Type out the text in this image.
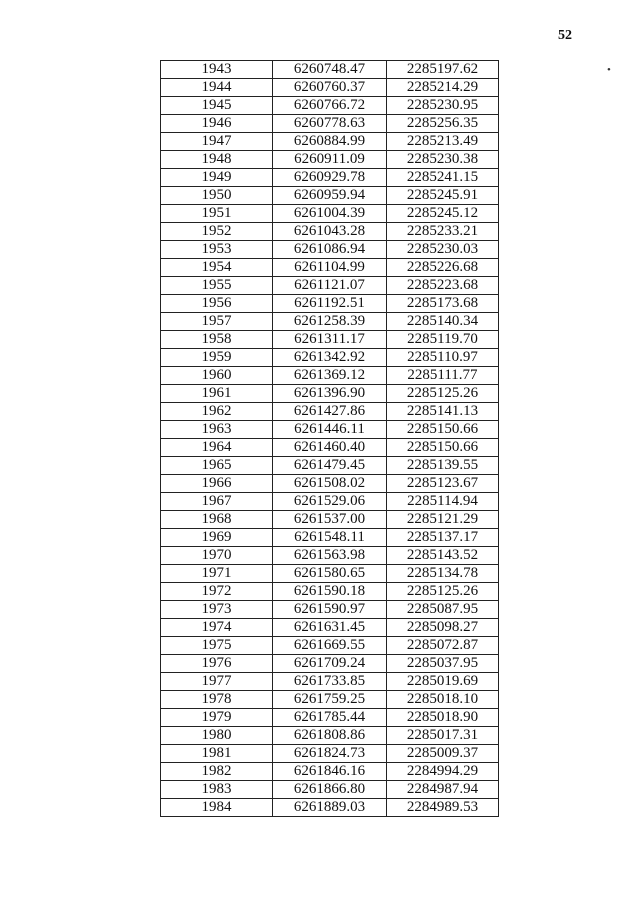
52
•
1943	6260748.47	2285197.62
1944	6260760.37	2285214.29
1945	6260766.72	2285230.95
1946	6260778.63	2285256.35
1947	6260884.99	2285213.49
1948	6260911.09	2285230.38
1949	6260929.78	2285241.15
1950	6260959.94	2285245.91
1951	6261004.39	2285245.12
1952	6261043.28	2285233.21
1953	6261086.94	2285230.03
1954	6261104.99	2285226.68
1955	6261121.07	2285223.68
1956	6261192.51	2285173.68
1957	6261258.39	2285140.34
1958	6261311.17	2285119.70
1959	6261342.92	2285110.97
1960	6261369.12	2285111.77
1961	6261396.90	2285125.26
1962	6261427.86	2285141.13
1963	6261446.11	2285150.66
1964	6261460.40	2285150.66
1965	6261479.45	2285139.55
1966	6261508.02	2285123.67
1967	6261529.06	2285114.94
1968	6261537.00	2285121.29
1969	6261548.11	2285137.17
1970	6261563.98	2285143.52
1971	6261580.65	2285134.78
1972	6261590.18	2285125.26
1973	6261590.97	2285087.95
1974	6261631.45	2285098.27
1975	6261669.55	2285072.87
1976	6261709.24	2285037.95
1977	6261733.85	2285019.69
1978	6261759.25	2285018.10
1979	6261785.44	2285018.90
1980	6261808.86	2285017.31
1981	6261824.73	2285009.37
1982	6261846.16	2284994.29
1983	6261866.80	2284987.94
1984	6261889.03	2284989.53
